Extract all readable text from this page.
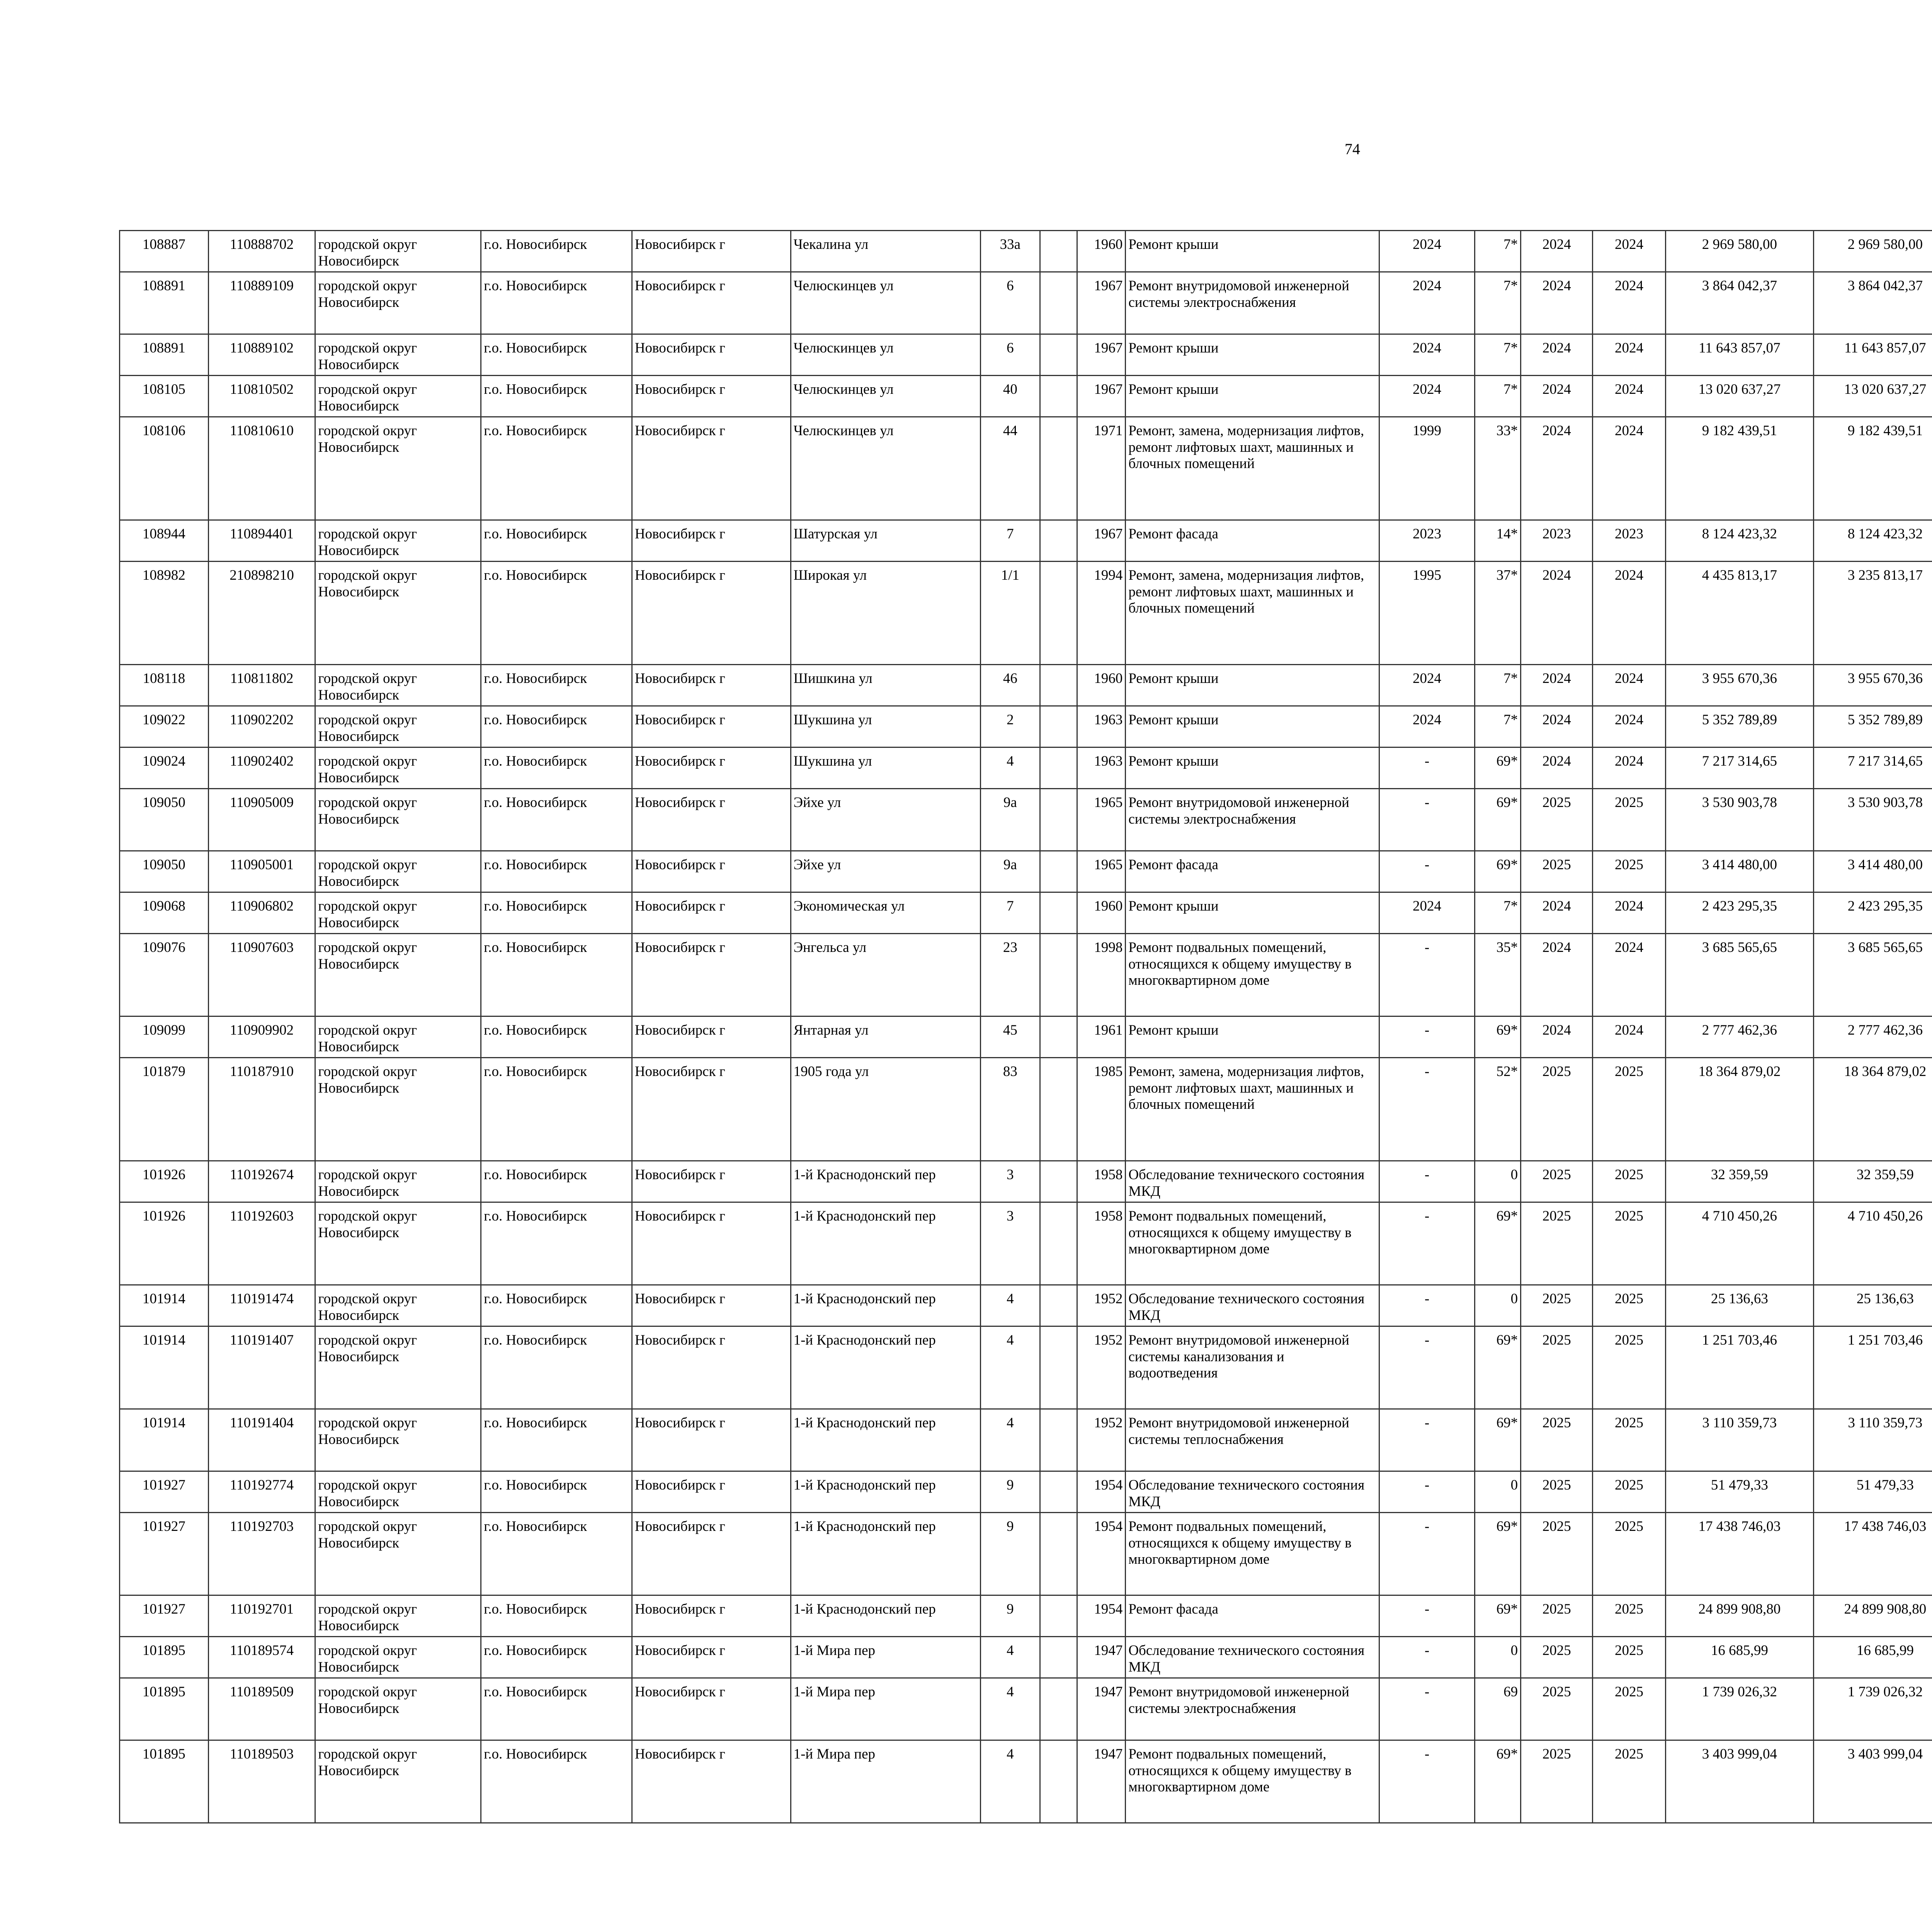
74
108887	110888702	городской округ Новосибирск	г.о. Новосибирск	Новосибирск г	Чекалина ул	33а		1960	Ремонт крыши	2024	7*	2024	2024	2 969 580,00	2 969 580,00						
108891	110889109	городской округ Новосибирск	г.о. Новосибирск	Новосибирск г	Челюскинцев ул	6		1967	Ремонт внутридомовой инженерной системы электроснабжения	2024	7*	2024	2024	3 864 042,37	3 864 042,37						
108891	110889102	городской округ Новосибирск	г.о. Новосибирск	Новосибирск г	Челюскинцев ул	6		1967	Ремонт крыши	2024	7*	2024	2024	11 643 857,07	11 643 857,07						
108105	110810502	городской округ Новосибирск	г.о. Новосибирск	Новосибирск г	Челюскинцев ул	40		1967	Ремонт крыши	2024	7*	2024	2024	13 020 637,27	13 020 637,27						
108106	110810610	городской округ Новосибирск	г.о. Новосибирск	Новосибирск г	Челюскинцев ул	44		1971	Ремонт, замена, модернизация лифтов, ремонт лифтовых шахт, машинных и блочных помещений	1999	33*	2024	2024	9 182 439,51	9 182 439,51						
108944	110894401	городской округ Новосибирск	г.о. Новосибирск	Новосибирск г	Шатурская ул	7		1967	Ремонт фасада	2023	14*	2023	2023	8 124 423,32	8 124 423,32						
108982	210898210	городской округ Новосибирск	г.о. Новосибирск	Новосибирск г	Широкая ул	1/1		1994	Ремонт, замена, модернизация лифтов, ремонт лифтовых шахт, машинных и блочных помещений	1995	37*	2024	2024	4 435 813,17	3 235 813,17						
108118	110811802	городской округ Новосибирск	г.о. Новосибирск	Новосибирск г	Шишкина ул	46		1960	Ремонт крыши	2024	7*	2024	2024	3 955 670,36	3 955 670,36						
109022	110902202	городской округ Новосибирск	г.о. Новосибирск	Новосибирск г	Шукшина ул	2		1963	Ремонт крыши	2024	7*	2024	2024	5 352 789,89	5 352 789,89						
109024	110902402	городской округ Новосибирск	г.о. Новосибирск	Новосибирск г	Шукшина ул	4		1963	Ремонт крыши	-	69*	2024	2024	7 217 314,65	7 217 314,65						
109050	110905009	городской округ Новосибирск	г.о. Новосибирск	Новосибирск г	Эйхе ул	9а		1965	Ремонт внутридомовой инженерной системы электроснабжения	-	69*	2025	2025	3 530 903,78	3 530 903,78						
109050	110905001	городской округ Новосибирск	г.о. Новосибирск	Новосибирск г	Эйхе ул	9а		1965	Ремонт фасада	-	69*	2025	2025	3 414 480,00	3 414 480,00						
109068	110906802	городской округ Новосибирск	г.о. Новосибирск	Новосибирск г	Экономическая ул	7		1960	Ремонт крыши	2024	7*	2024	2024	2 423 295,35	2 423 295,35						
109076	110907603	городской округ Новосибирск	г.о. Новосибирск	Новосибирск г	Энгельса ул	23		1998	Ремонт подвальных помещений, относящихся к общему имуществу в многоквартирном доме	-	35*	2024	2024	3 685 565,65	3 685 565,65						
109099	110909902	городской округ Новосибирск	г.о. Новосибирск	Новосибирск г	Янтарная ул	45		1961	Ремонт крыши	-	69*	2024	2024	2 777 462,36	2 777 462,36						
101879	110187910	городской округ Новосибирск	г.о. Новосибирск	Новосибирск г	1905 года ул	83		1985	Ремонт, замена, модернизация лифтов, ремонт лифтовых шахт, машинных и блочных помещений	-	52*	2025	2025	18 364 879,02	18 364 879,02						
101926	110192674	городской округ Новосибирск	г.о. Новосибирск	Новосибирск г	1-й Краснодонский пер	3		1958	Обследование технического состояния МКД	-	0	2025	2025	32 359,59	32 359,59						
101926	110192603	городской округ Новосибирск	г.о. Новосибирск	Новосибирск г	1-й Краснодонский пер	3		1958	Ремонт подвальных помещений, относящихся к общему имуществу в многоквартирном доме	-	69*	2025	2025	4 710 450,26	4 710 450,26						
101914	110191474	городской округ Новосибирск	г.о. Новосибирск	Новосибирск г	1-й Краснодонский пер	4		1952	Обследование технического состояния МКД	-	0	2025	2025	25 136,63	25 136,63						
101914	110191407	городской округ Новосибирск	г.о. Новосибирск	Новосибирск г	1-й Краснодонский пер	4		1952	Ремонт внутридомовой инженерной системы канализования и водоотведения	-	69*	2025	2025	1 251 703,46	1 251 703,46						
101914	110191404	городской округ Новосибирск	г.о. Новосибирск	Новосибирск г	1-й Краснодонский пер	4		1952	Ремонт внутридомовой инженерной системы теплоснабжения	-	69*	2025	2025	3 110 359,73	3 110 359,73						
101927	110192774	городской округ Новосибирск	г.о. Новосибирск	Новосибирск г	1-й Краснодонский пер	9		1954	Обследование технического состояния МКД	-	0	2025	2025	51 479,33	51 479,33						
101927	110192703	городской округ Новосибирск	г.о. Новосибирск	Новосибирск г	1-й Краснодонский пер	9		1954	Ремонт подвальных помещений, относящихся к общему имуществу в многоквартирном доме	-	69*	2025	2025	17 438 746,03	17 438 746,03						
101927	110192701	городской округ Новосибирск	г.о. Новосибирск	Новосибирск г	1-й Краснодонский пер	9		1954	Ремонт фасада	-	69*	2025	2025	24 899 908,80	24 899 908,80						
101895	110189574	городской округ Новосибирск	г.о. Новосибирск	Новосибирск г	1-й Мира пер	4		1947	Обследование технического состояния МКД	-	0	2025	2025	16 685,99	16 685,99						
101895	110189509	городской округ Новосибирск	г.о. Новосибирск	Новосибирск г	1-й Мира пер	4		1947	Ремонт внутридомовой инженерной системы электроснабжения	-	69	2025	2025	1 739 026,32	1 739 026,32						
101895	110189503	городской округ Новосибирск	г.о. Новосибирск	Новосибирск г	1-й Мира пер	4		1947	Ремонт подвальных помещений, относящихся к общему имуществу в многоквартирном доме	-	69*	2025	2025	3 403 999,04	3 403 999,04						
